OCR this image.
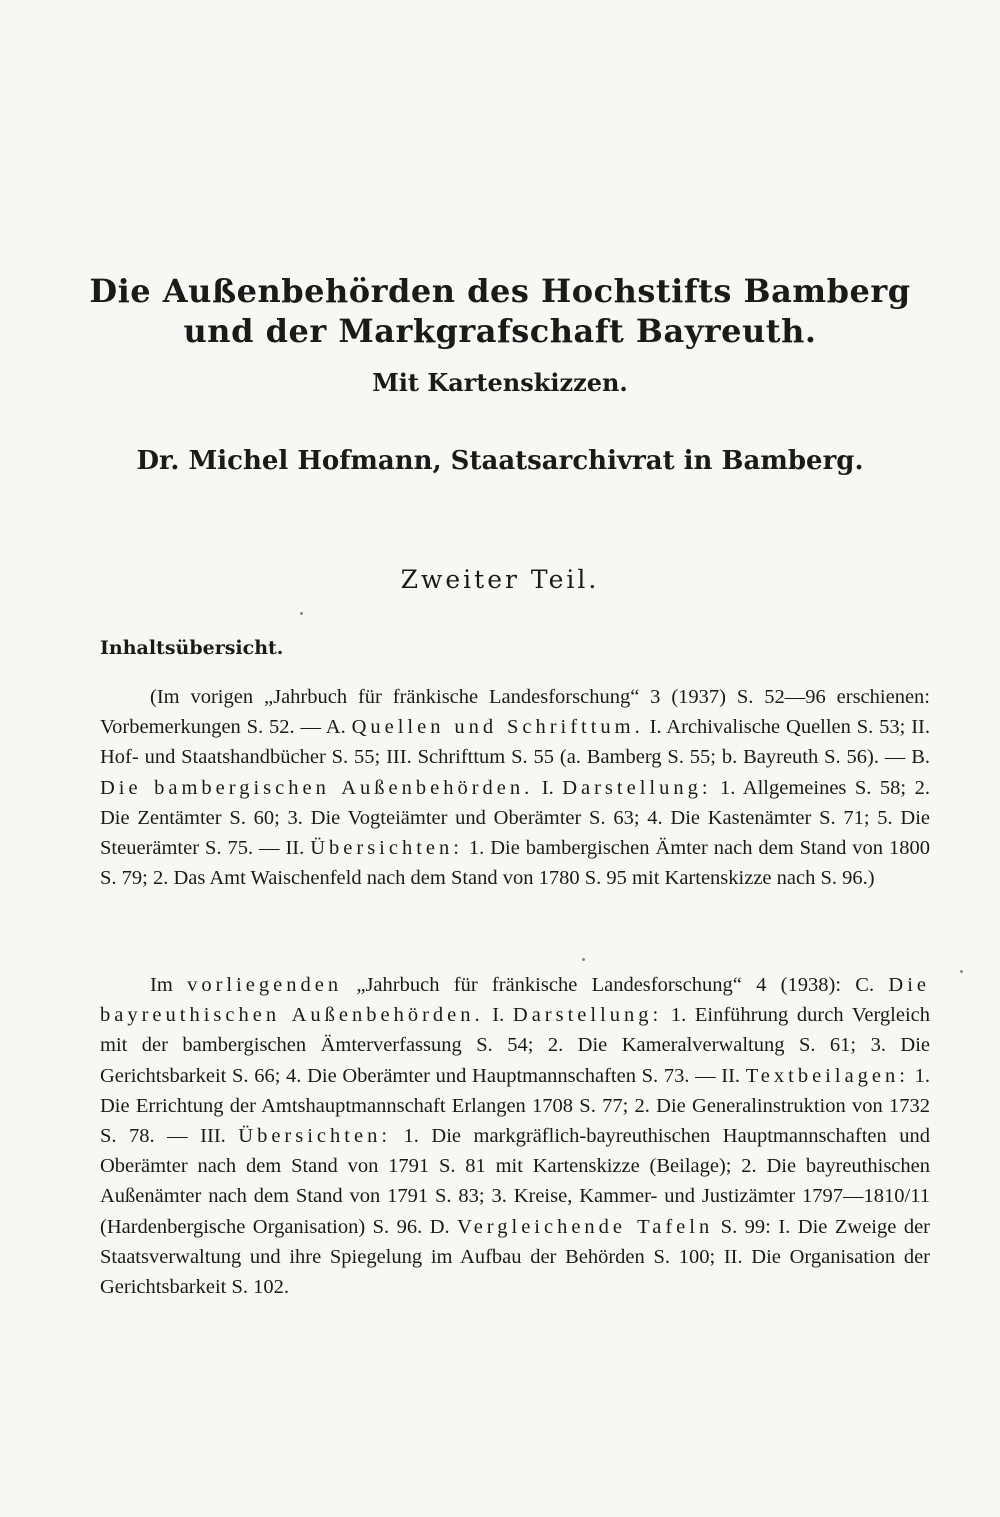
Die Außenbehörden des Hochstifts Bamberg
und der Markgrafschaft Bayreuth.
Mit Kartenskizzen.
Dr. Michel Hofmann, Staatsarchivrat in Bamberg.
Zweiter Teil.
Inhaltsübersicht.

(Im vorigen „Jahrbuch für fränkische Landesforschung“ 3 (1937) S. 52—96 erschienen: Vorbemerkungen S. 52. — A. Quellen und Schrifttum. I. Archivalische Quellen S. 53; II. Hof- und Staatshandbücher S. 55; III. Schrifttum S. 55 (a. Bamberg S. 55; b. Bayreuth S. 56). — B. Die bambergischen Außenbehörden. I. Darstellung: 1. Allgemeines S. 58; 2. Die Zentämter S. 60; 3. Die Vogteiämter und Oberämter S. 63; 4. Die Kastenämter S. 71; 5. Die Steuerämter S. 75. — II. Übersichten: 1. Die bambergischen Ämter nach dem Stand von 1800 S. 79; 2. Das Amt Waischenfeld nach dem Stand von 1780 S. 95 mit Kartenskizze nach S. 96.)

Im vorliegenden „Jahrbuch für fränkische Landesforschung“ 4 (1938): C. Die bayreuthischen Außenbehörden. I. Darstellung: 1. Einführung durch Vergleich mit der bambergischen Ämterverfassung S. 54; 2. Die Kameralverwaltung S. 61; 3. Die Gerichtsbarkeit S. 66; 4. Die Oberämter und Hauptmannschaften S. 73. — II. Textbeilagen: 1. Die Errichtung der Amtshauptmannschaft Erlangen 1708 S. 77; 2. Die Generalinstruktion von 1732 S. 78. — III. Übersichten: 1. Die markgräflich-bayreuthischen Hauptmannschaften und Oberämter nach dem Stand von 1791 S. 81 mit Kartenskizze (Beilage); 2. Die bayreuthischen Außenämter nach dem Stand von 1791 S. 83; 3. Kreise, Kammer- und Justizämter 1797—1810/11 (Hardenbergische Organisation) S. 96. D. Vergleichende Tafeln S. 99: I. Die Zweige der Staatsverwaltung und ihre Spiegelung im Aufbau der Behörden S. 100; II. Die Organisation der Gerichtsbarkeit S. 102.
